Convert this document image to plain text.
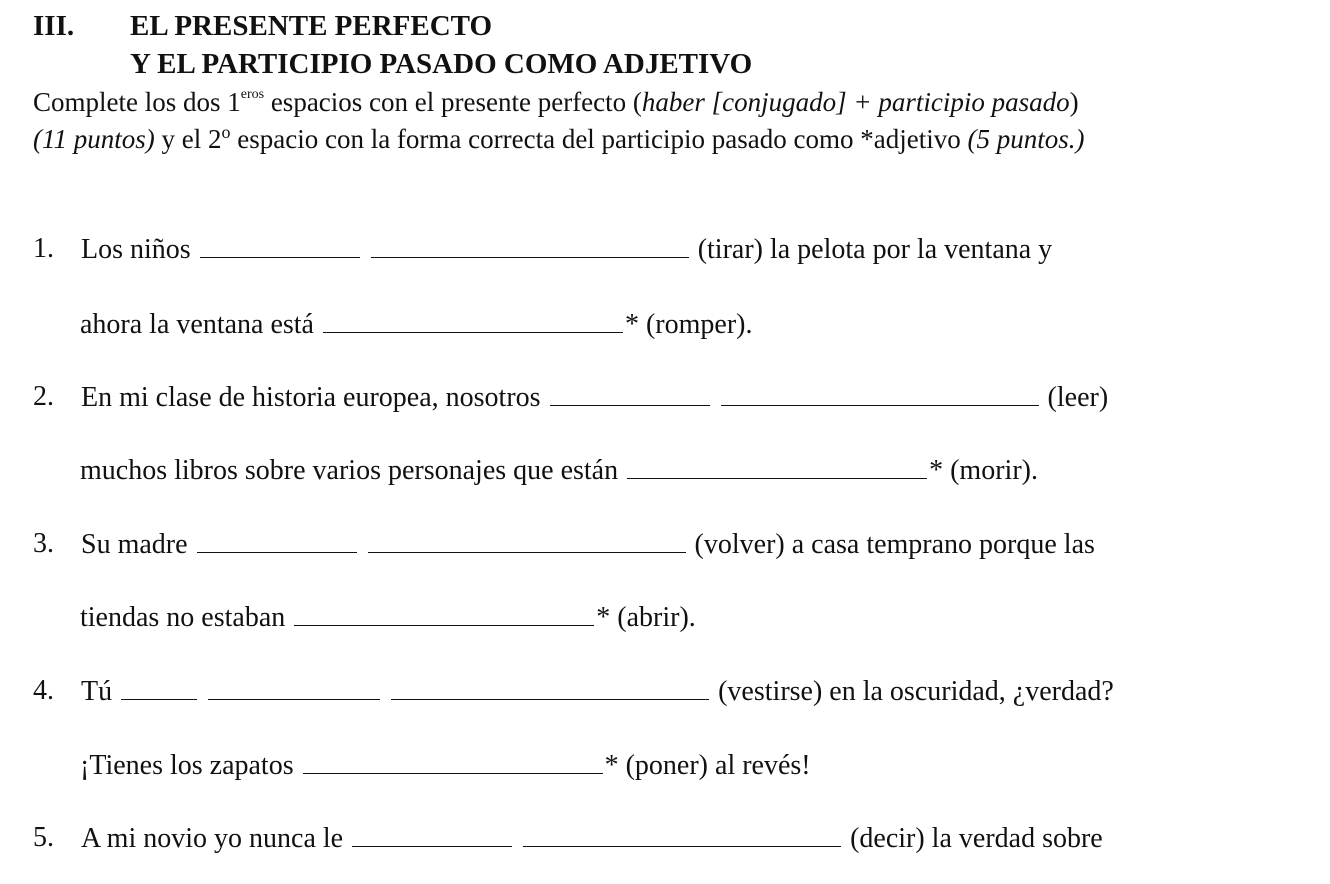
III. EL PRESENTE PERFECTO
Y EL PARTICIPIO PASADO COMO ADJETIVO
Complete los dos $1^{eros}$ espacios con el presente perfecto (haber [conjugado] + participio pasado)
(11 puntos) y el 2$^o$ espacio con la forma correcta del participio pasado como *adjetivo (5 puntos.)
1. Los niños	(tirar) la pelota por la ventana y
ahora la ventana está	* (romper).
2. En mi clase de historia europea, nosotros	(leer)
muchos libros sobre varios personajes que están	* (morir).
3. Su madre	(volver) a casa temprano porque las
tiendas no estaban	* (abrir).
4. Tú	(vestirse) en la oscuridad, ¿verdad?
¡Tienes los zapatos	* (poner) al revés!
5. A mi novio yo nunca le	(decir) la verdad sobre
